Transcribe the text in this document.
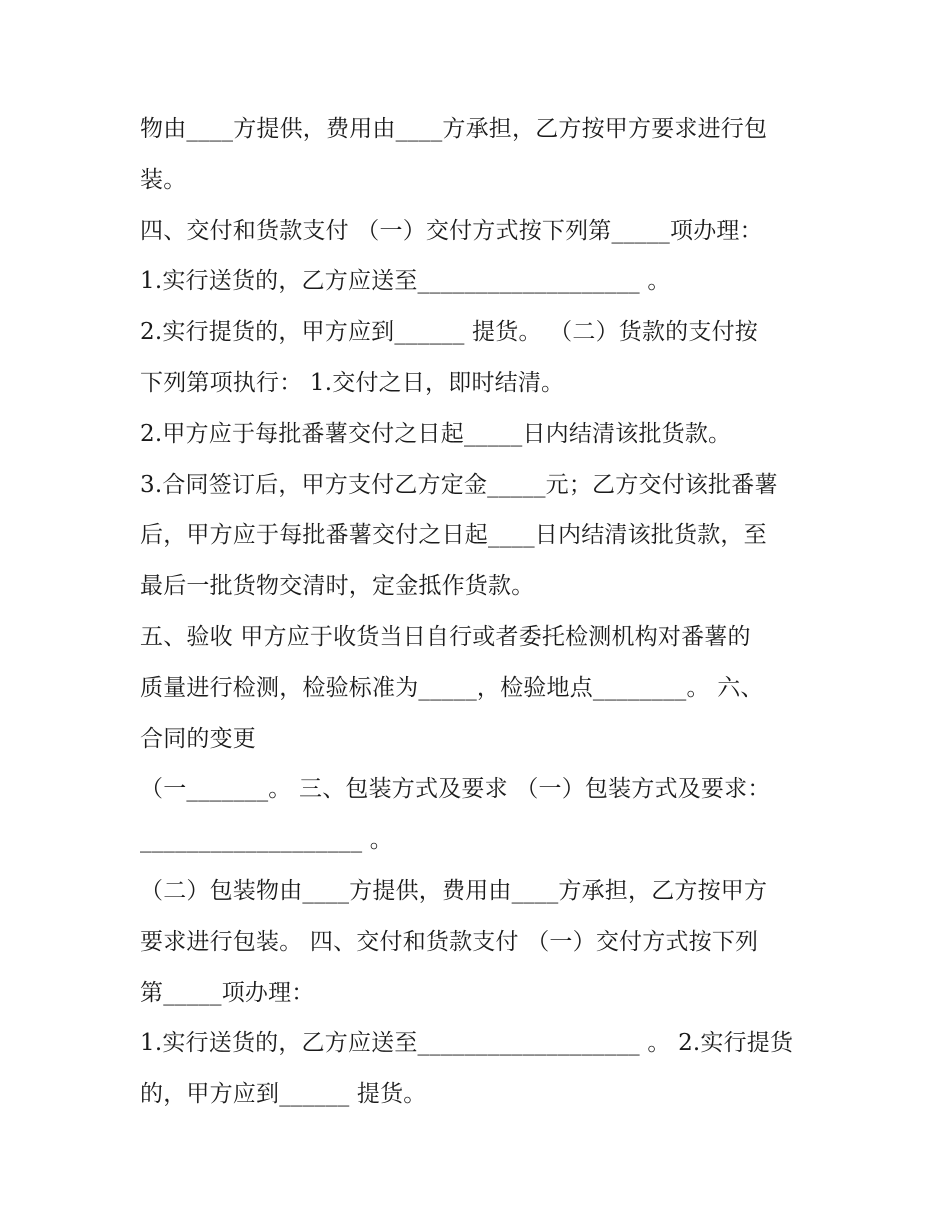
物由____方提供，费用由____方承担，乙方按甲方要求进行包
装。
四、交付和货款支付 （一）交付方式按下列第_____项办理：
1.实行送货的，乙方应送至___________________ 。
2.实行提货的，甲方应到______ 提货。 （二）货款的支付按
下列第项执行： 1.交付之日，即时结清。
2.甲方应于每批番薯交付之日起_____日内结清该批货款。
3.合同签订后，甲方支付乙方定金_____元；乙方交付该批番薯
后，甲方应于每批番薯交付之日起____日内结清该批货款，至
最后一批货物交清时，定金抵作货款。
五、验收 甲方应于收货当日自行或者委托检测机构对番薯的
质量进行检测，检验标准为_____，检验地点________。 六、
合同的变更
（一_______。 三、包装方式及要求 （一）包装方式及要求：
___________________ 。
（二）包装物由____方提供，费用由____方承担，乙方按甲方
要求进行包装。 四、交付和货款支付 （一）交付方式按下列
第_____项办理：
1.实行送货的，乙方应送至___________________ 。 2.实行提货
的，甲方应到______ 提货。
